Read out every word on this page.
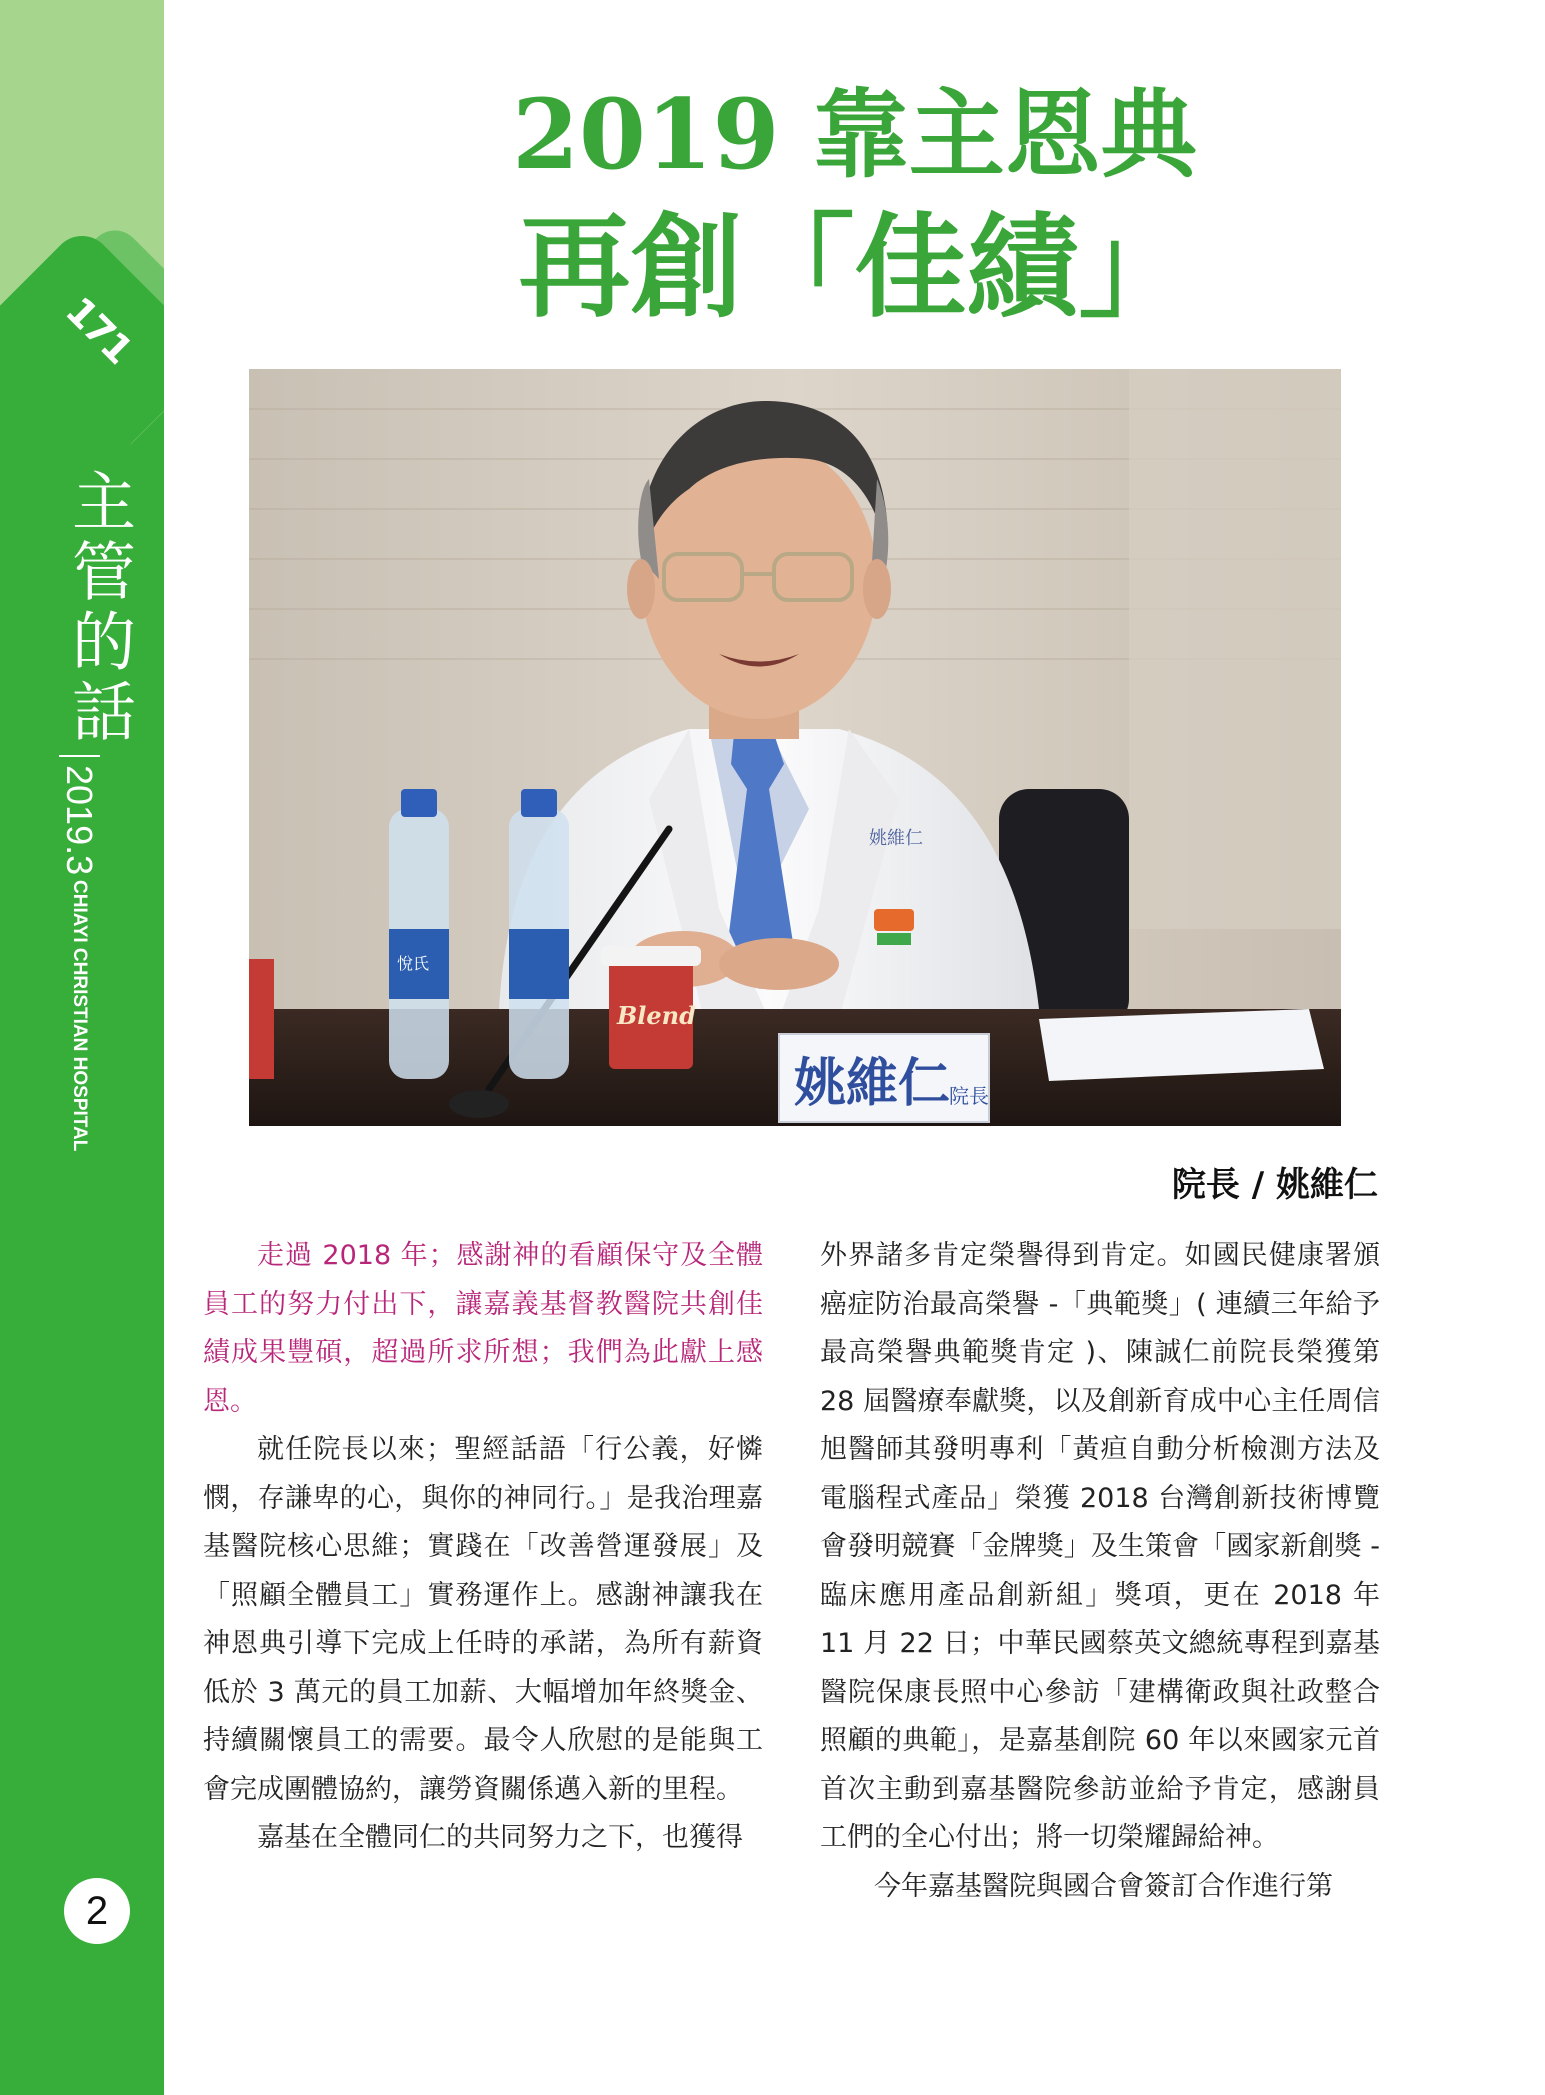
171
主管的話
2019.3 CHIAYI CHRISTIAN HOSPITAL
2
2019 靠主恩典
再創「佳績」
姚維仁
悅氏
Blend
姚維仁
院長
院長 / 姚維仁

走過 2018 年；感謝神的看顧保守及全體員工的努力付出下，讓嘉義基督教醫院共創佳績成果豐碩，超過所求所想；我們為此獻上感恩。

就任院長以來；聖經話語「行公義，好憐憫，存謙卑的心，與你的神同行。」是我治理嘉基醫院核心思維；實踐在「改善營運發展」及「照顧全體員工」實務運作上。感謝神讓我在神恩典引導下完成上任時的承諾，為所有薪資低於 3 萬元的員工加薪、大幅增加年終獎金、持續關懷員工的需要。最令人欣慰的是能與工會完成團體協約，讓勞資關係邁入新的里程。

嘉基在全體同仁的共同努力之下，也獲得

外界諸多肯定榮譽得到肯定。如國民健康署頒癌症防治最高榮譽 -「典範獎」( 連續三年給予最高榮譽典範獎肯定 )、陳誠仁前院長榮獲第 28 屆醫療奉獻獎，以及創新育成中心主任周信旭醫師其發明專利「黃疸自動分析檢測方法及電腦程式產品」榮獲 2018 台灣創新技術博覽會發明競賽「金牌獎」及生策會「國家新創獎 - 臨床應用產品創新組」獎項，更在 2018 年 11 月 22 日；中華民國蔡英文總統專程到嘉基醫院保康長照中心參訪「建構衛政與社政整合照顧的典範」，是嘉基創院 60 年以來國家元首首次主動到嘉基醫院參訪並給予肯定，感謝員工們的全心付出；將一切榮耀歸給神。

今年嘉基醫院與國合會簽訂合作進行第
